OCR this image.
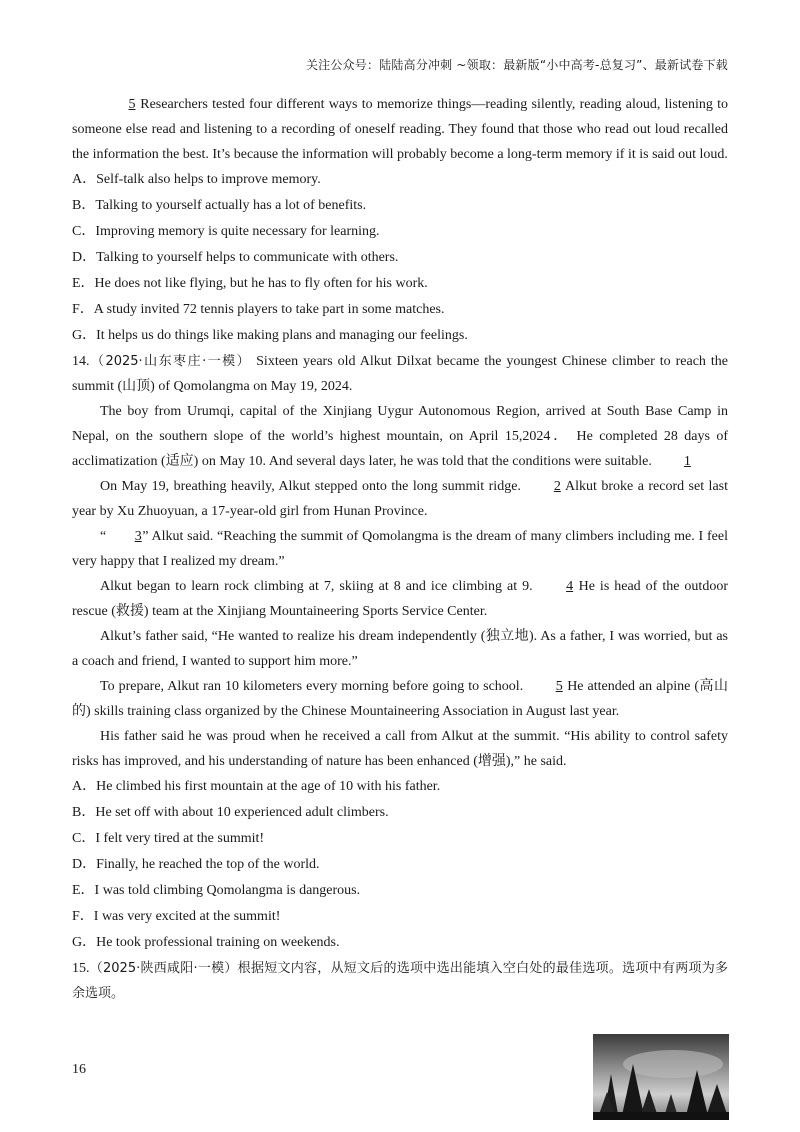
关注公众号：陆陆高分冲刺 ~领取：最新版“小中高考-总复习”、最新试卷下载

5 Researchers tested four different ways to memorize things—reading silently, reading aloud, listening to someone else read and listening to a recording of oneself reading. They found that those who read out loud recalled the information the best. It’s because the information will probably become a long-term memory if it is said out loud.

A．Self-talk also helps to improve memory.

B．Talking to yourself actually has a lot of benefits.

C．Improving memory is quite necessary for learning.

D．Talking to yourself helps to communicate with others.

E．He does not like flying, but he has to fly often for his work.

F．A study invited 72 tennis players to take part in some matches.

G．It helps us do things like making plans and managing our feelings.

14.（2025·山东枣庄·一模） Sixteen years old Alkut Dilxat became the youngest Chinese climber to reach the summit (山顶) of Qomolangma on May 19, 2024.

The boy from Urumqi, capital of the Xinjiang Uygur Autonomous Region, arrived at South Base Camp in Nepal, on the southern slope of the world’s highest mountain, on April 15,2024． He completed 28 days of acclimatization (适应) on May 10. And several days later, he was told that the conditions were suitable. 1

On May 19, breathing heavily, Alkut stepped onto the long summit ridge. 2 Alkut broke a record set last year by Xu Zhuoyuan, a 17-year-old girl from Hunan Province.

“ 3” Alkut said. “Reaching the summit of Qomolangma is the dream of many climbers including me. I feel very happy that I realized my dream.”

Alkut began to learn rock climbing at 7, skiing at 8 and ice climbing at 9. 4 He is head of the outdoor rescue (救援) team at the Xinjiang Mountaineering Sports Service Center.

Alkut’s father said, “He wanted to realize his dream independently (独立地). As a father, I was worried, but as a coach and friend, I wanted to support him more.”

To prepare, Alkut ran 10 kilometers every morning before going to school. 5 He attended an alpine (高山的) skills training class organized by the Chinese Mountaineering Association in August last year.

His father said he was proud when he received a call from Alkut at the summit. “His ability to control safety risks has improved, and his understanding of nature has been enhanced (增强),” he said.

A．He climbed his first mountain at the age of 10 with his father.

B．He set off with about 10 experienced adult climbers.

C．I felt very tired at the summit!

D．Finally, he reached the top of the world.

E．I was told climbing Qomolangma is dangerous.

F．I was very excited at the summit!

G．He took professional training on weekends.

15.（2025·陕西咸阳·一模）根据短文内容，从短文后的选项中选出能填入空白处的最佳选项。选项中有两项为多余选项。

16
